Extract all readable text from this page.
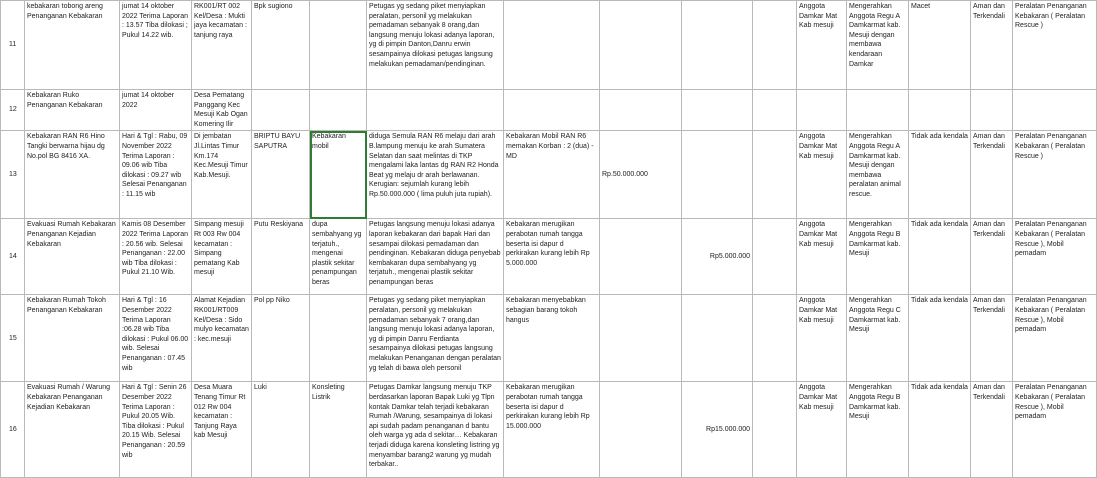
11	kebakaran tobong areng Penanganan Kebakaran	jumat 14 oktober 2022 Terima Laporan : 13.57 Tiba dilokasi ; Pukul 14.22 wib.	RK001/RT 002 Kel/Desa : Mukti jaya kecamatan : tanjung raya	Bpk sugiono		Petugas yg sedang piket menyiapkan peralatan, personil yg melakukan pemadaman sebanyak 8 orang,dan langsung menuju lokasi adanya laporan, yg di pimpin Danton,Danru erwin sesampainya dilokasi petugas langsung melakukan pemadaman/pendinginan.					Anggota Damkar Mat Kab mesuji	Mengerahkan Anggota Regu A Damkarmat kab. Mesuji dengan membawa kendaraan Damkar	Macet	Aman dan Terkendali	Peralatan Penanganan Kebakaran ( Peralatan Rescue )
12	Kebakaran Ruko Penanganan Kebakaran	jumat 14 oktober 2022	Desa Pematang Panggang Kec Mesuji Kab Ogan Komering Ilir												
13	Kebakaran RAN R6 Hino Tangki berwarna hijau dg No.pol BG 8416 XA.	Hari & Tgl : Rabu, 09 November 2022 Terima Laporan : 09.06 wib Tiba dilokasi : 09.27 wib Selesai Penanganan : 11.15 wib	Di jembatan Jl.Lintas Timur Km.174 Kec.Mesuji Timur Kab.Mesuji.	BRIPTU BAYU SAPUTRA	Kebakaran mobil	diduga Semula RAN R6 melaju dari arah B.lampung menuju ke arah Sumatera Selatan dan saat melintas di TKP mengalami laka lantas dg RAN R2 Honda Beat yg melaju dr arah berlawanan. Kerugian: sejumlah kurang lebih Rp.50.000.000 ( lima puluh juta rupiah).	Kebakaran Mobil RAN R6 memakan Korban : 2 (dua) - MD	Rp.50.000.000			Anggota Damkar Mat Kab mesuji	Mengerahkan Anggota Regu A Damkarmat kab. Mesuji dengan membawa peralatan animal rescue.	Tidak ada kendala	Aman dan Terkendali	Peralatan Penanganan Kebakaran ( Peralatan Rescue )
14	Evakuasi Rumah Kebakaran Penanganan Kejadian Kebakaran	Kamis 08 Desember 2022 Terima Laporan : 20.56 wib. Selesai Penanganan : 22.00 wib Tiba dilokasi : Pukul 21.10 Wib.	Simpang mesuji Rt 003 Rw 004 kecamatan : Simpang pematang Kab mesuji	Putu Reskiyana	dupa sembahyang yg terjatuh., mengenai plastik sekitar penampungan beras	Petugas langsung menuju lokasi adanya laporan kebakaran dari bapak Hari dan sesampai dilokasi pemadaman dan pendinginan. Kebakaran diduga penyebab kembakaran dupa sembahyang yg terjatuh., mengenai plastik sekitar penampungan beras	Kebakaran merugikan perabotan rumah tangga beserta isi dapur d perkirakan kurang lebih Rp 5.000.000		Rp5.000.000		Anggota Damkar Mat Kab mesuji	Mengerahkan Anggota Regu B Damkarmat kab. Mesuji	Tidak ada kendala	Aman dan Terkendali	Peralatan Penanganan Kebakaran ( Peralatan Rescue ), Mobil pemadam
15	Kebakaran Rumah Tokoh Penanganan Kebakaran	Hari & Tgl : 16 Desember 2022 Terima Laporan :06.28 wib Tiba dilokasi : Pukul 06.00 wib. Selesai Penanganan : 07.45 wib	Alamat Kejadian RK001/RT009 Kel/Desa : Sido mulyo kecamatan : kec.mesuji	Pol pp Niko		Petugas yg sedang piket menyiapkan peralatan, personil yg melakukan pemadaman sebanyak 7 orang,dan langsung menuju lokasi adanya laporan, yg di pimpin Danru Ferdianta sesampainya dilokasi petugas langsung melakukan Penanganan dengan peralatan yg telah di bawa oleh personil	Kebakaran menyebabkan sebagian barang tokoh hangus				Anggota Damkar Mat Kab mesuji	Mengerahkan Anggota Regu C Damkarmat kab. Mesuji	Tidak ada kendala	Aman dan Terkendali	Peralatan Penanganan Kebakaran ( Peralatan Rescue ), Mobil pemadam
16	Evakuasi Rumah / Warung Kebakaran Penanganan Kejadian Kebakaran	Hari & Tgl : Senin 26 Desember 2022 Terima Laporan : Pukul 20.05 Wib. Tiba dilokasi : Pukul 20.15 Wib. Selesai Penanganan : 20.59 wib	Desa Muara Tenang Timur Rt 012 Rw 004 kecamatan : Tanjung Raya kab Mesuji	Luki	Konsleting Listrik	Petugas Damkar langsung menuju TKP berdasarkan laporan Bapak Luki yg Tlpn kontak Damkar telah terjadi kebakaran Rumah /Warung, sesampainya di lokasi api sudah padam penanganan d bantu oleh warga yg ada d sekitar… Kebakaran terjadi diduga karena konsleting listring yg menyambar barang2 warung yg mudah terbakar..	Kebakaran merugikan perabotan rumah tangga beserta isi dapur d perkirakan kurang lebih Rp 15.000.000		Rp15.000.000		Anggota Damkar Mat Kab mesuji	Mengerahkan Anggota Regu B Damkarmat kab. Mesuji	Tidak ada kendala	Aman dan Terkendali	Peralatan Penanganan Kebakaran ( Peralatan Rescue ), Mobil pemadam
